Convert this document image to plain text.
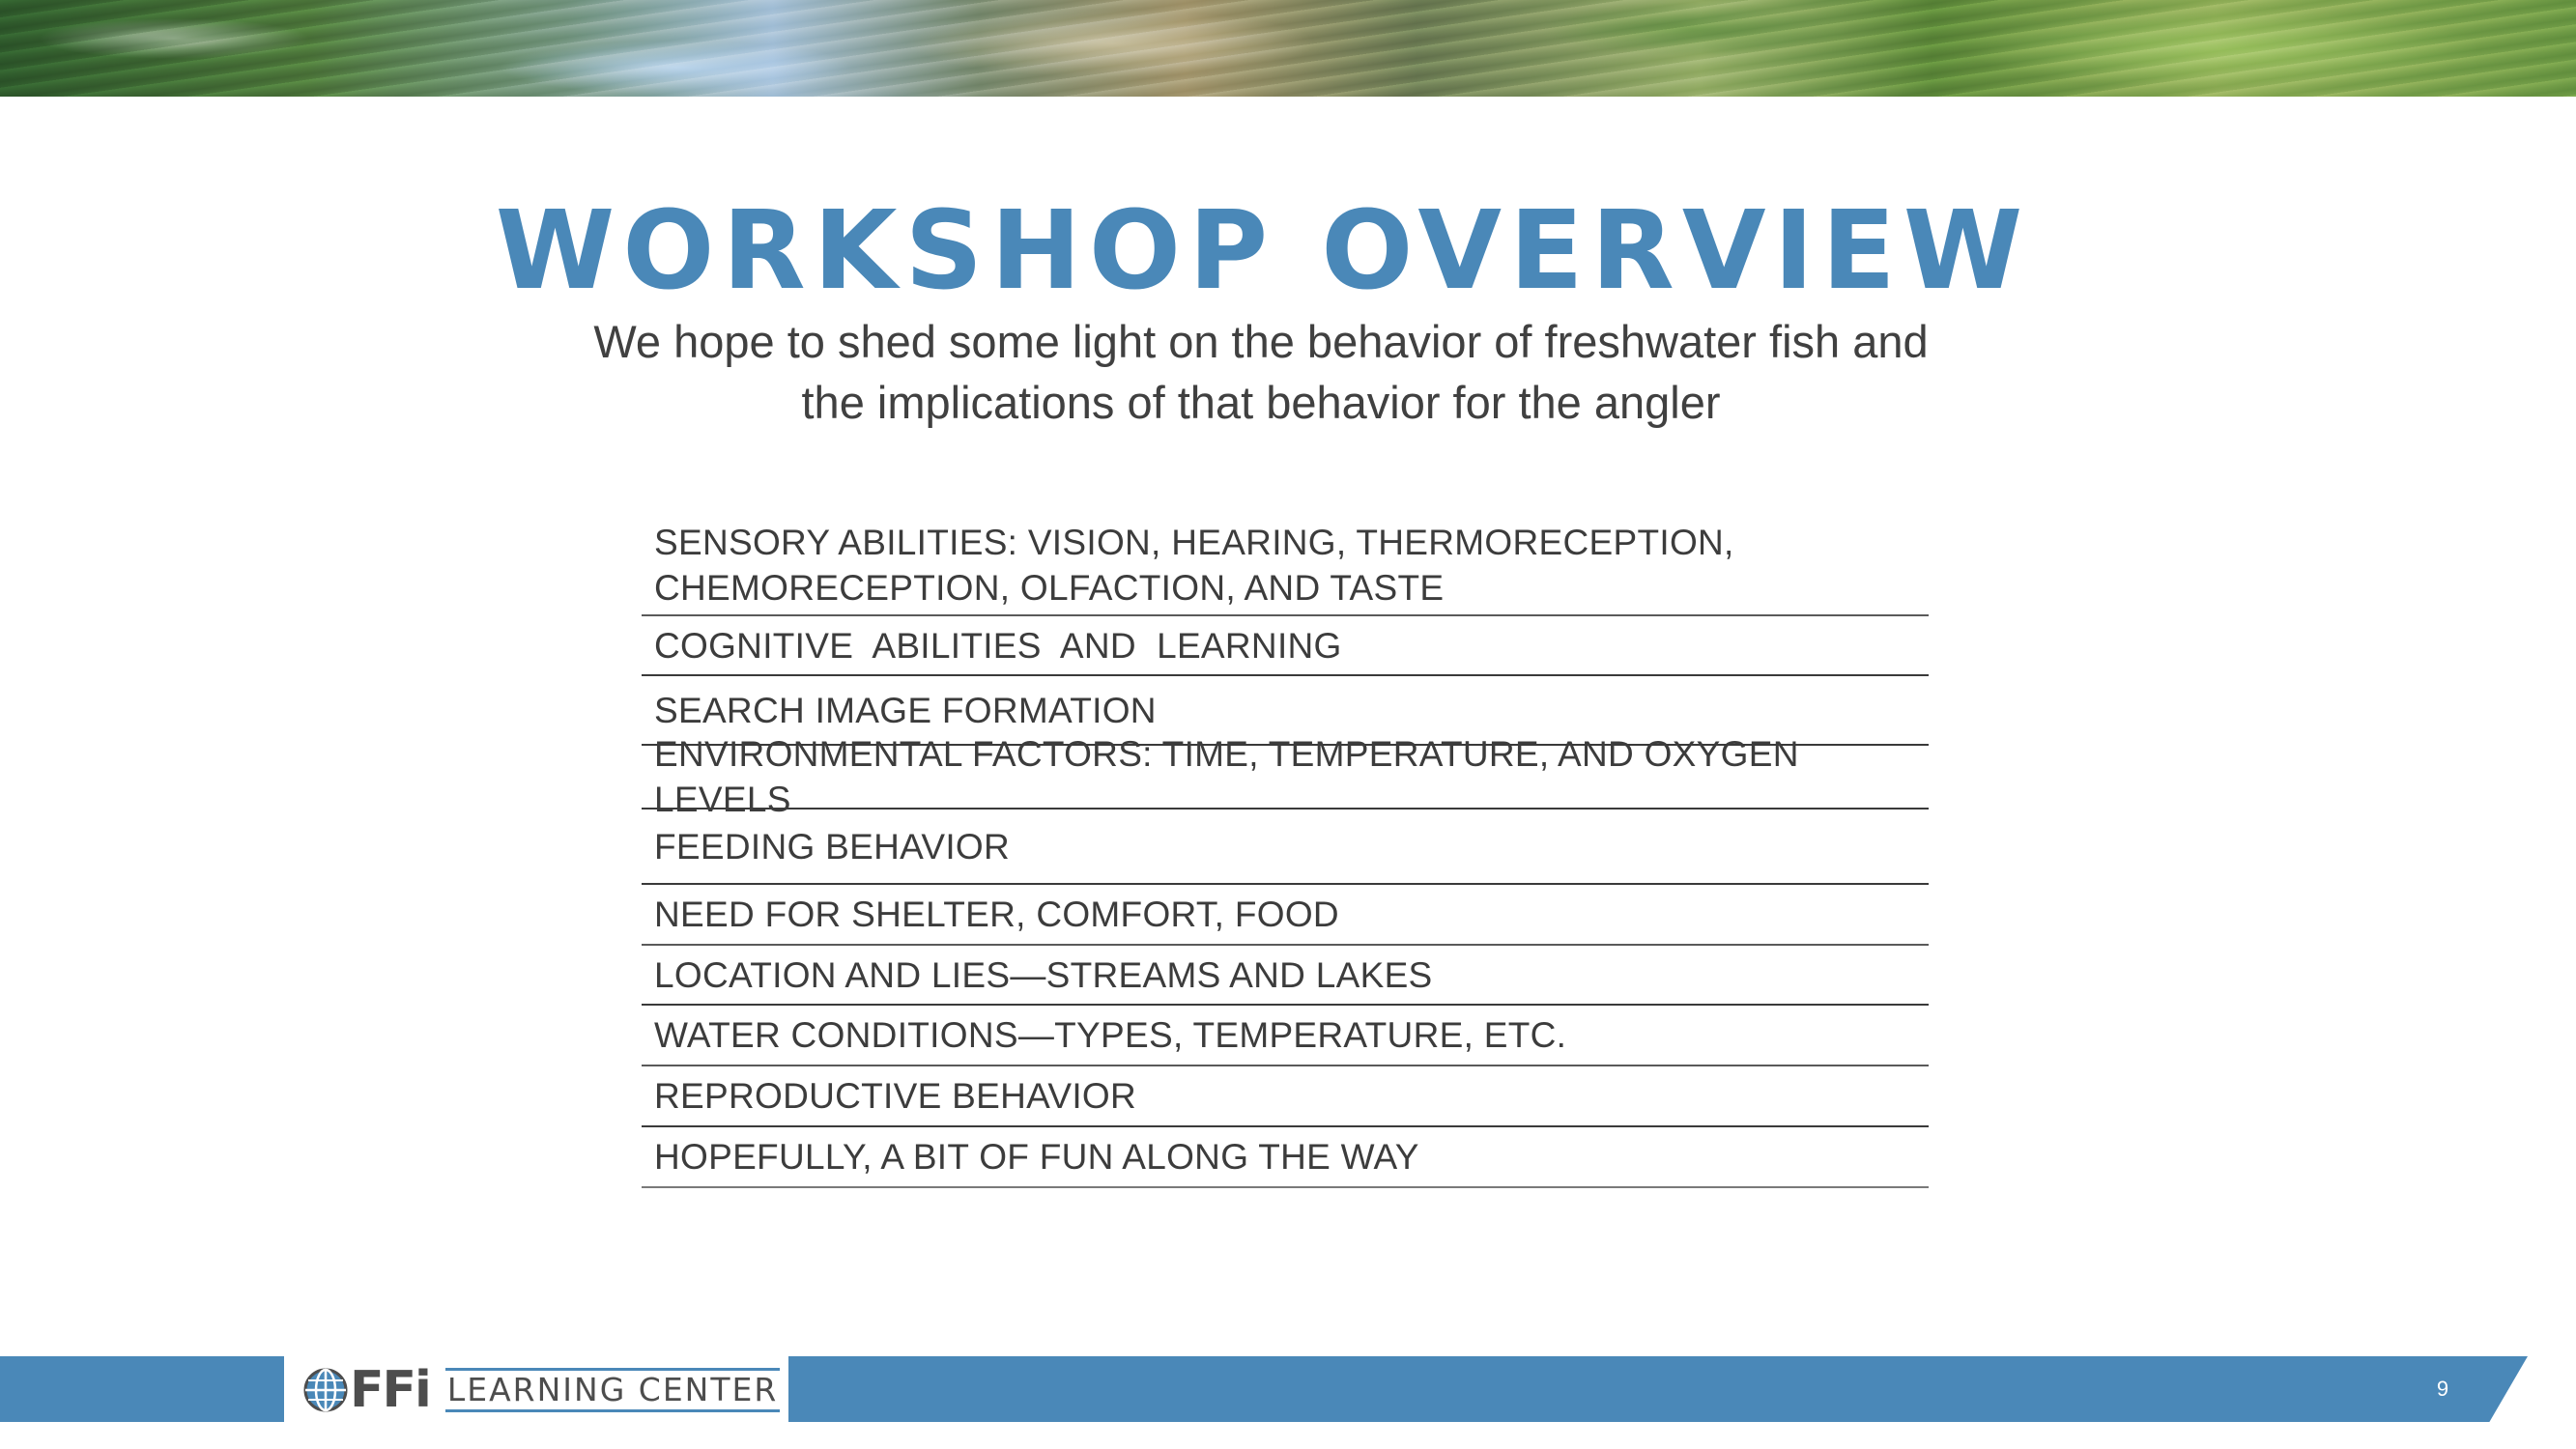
WORKSHOP OVERVIEW

We hope to shed some light on the behavior of freshwater fish and the implications of that behavior for the angler

SENSORY ABILITIES: VISION, HEARING, THERMORECEPTION, CHEMORECEPTION, OLFACTION, AND TASTE
COGNITIVE  ABILITIES  AND  LEARNING
SEARCH IMAGE FORMATION
ENVIRONMENTAL FACTORS: TIME, TEMPERATURE, AND OXYGEN LEVELS
FEEDING BEHAVIOR
NEED FOR SHELTER, COMFORT, FOOD
LOCATION AND LIES—STREAMS AND LAKES
WATER CONDITIONS—TYPES, TEMPERATURE, ETC.
REPRODUCTIVE BEHAVIOR
HOPEFULLY, A BIT OF FUN ALONG THE WAY
FFi LEARNING CENTER	9
